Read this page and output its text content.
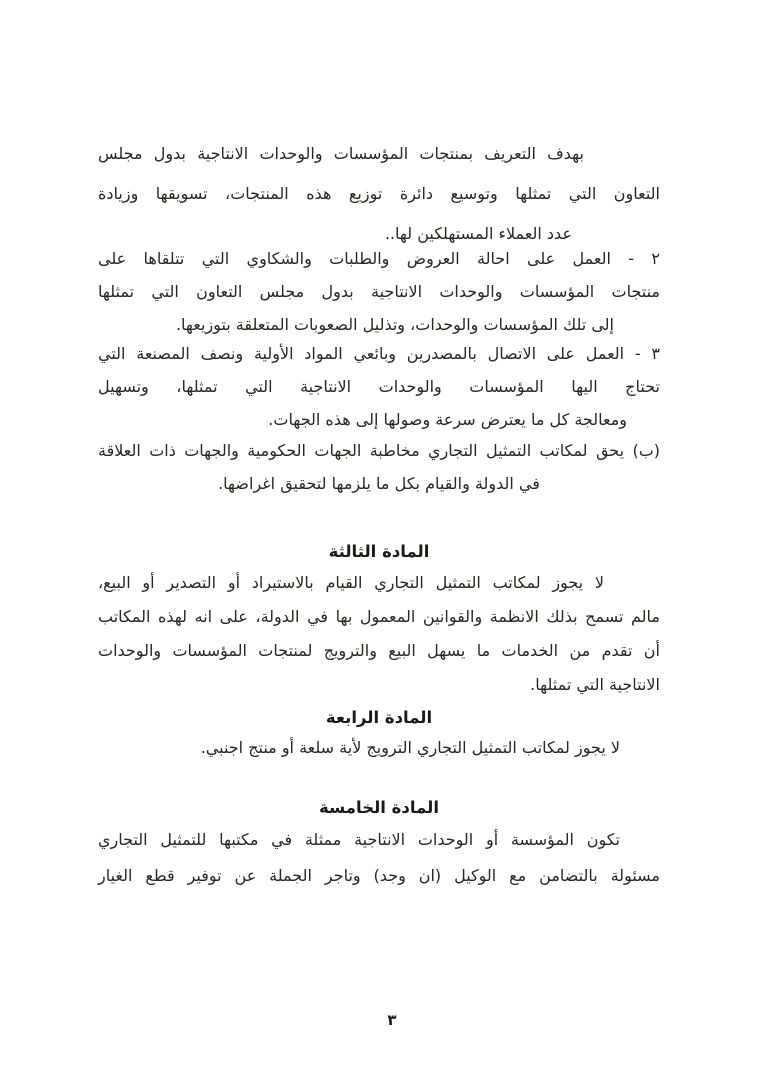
بهدف التعريف بمنتجات المؤسسات والوحدات الانتاجية بدول مجلس
التعاون التي تمثلها وتوسيع دائرة توزيع هذه المنتجات، تسويقها وزيادة
عدد العملاء المستهلكين لها..
٢ - العمل على احالة العروض والطلبات والشكاوي التي تتلقاها على
منتجات المؤسسات والوحدات الانتاجية بدول مجلس التعاون التي تمثلها
إلى تلك المؤسسات والوحدات، وتذليل الصعوبات المتعلقة بتوزيعها.
٣ - العمل على الاتصال بالمصدرين وبائعي المواد الأولية ونصف المصنعة التي
تحتاج اليها المؤسسات والوحدات الانتاجية التي تمثلها، وتسهيل
ومعالجة كل ما يعترض سرعة وصولها إلى هذه الجهات.
(ب) يحق لمكاتب التمثيل التجاري مخاطبة الجهات الحكومية والجهات ذات العلاقة
في الدولة والقيام بكل ما يلزمها لتحقيق اغراضها.
المادة الثالثة
لا يجوز لمكاتب التمثيل التجاري القيام بالاستيراد أو التصدير أو البيع،
مالم تسمح بذلك الانظمة والقوانين المعمول بها في الدولة، على انه لهذه المكاتب
أن تقدم من الخدمات ما يسهل البيع والترويج لمنتجات المؤسسات والوحدات
الانتاجية التي تمثلها.
المادة الرابعة
لا يجوز لمكاتب التمثيل التجاري الترويج لأية سلعة أو منتج اجنبي.
المادة الخامسة
تكون المؤسسة أو الوحدات الانتاجية ممثلة في مكتبها للتمثيل التجاري
مسئولة بالتضامن مع الوكيل (ان وجد) وتاجر الجملة عن توفير قطع الغيار
٣
